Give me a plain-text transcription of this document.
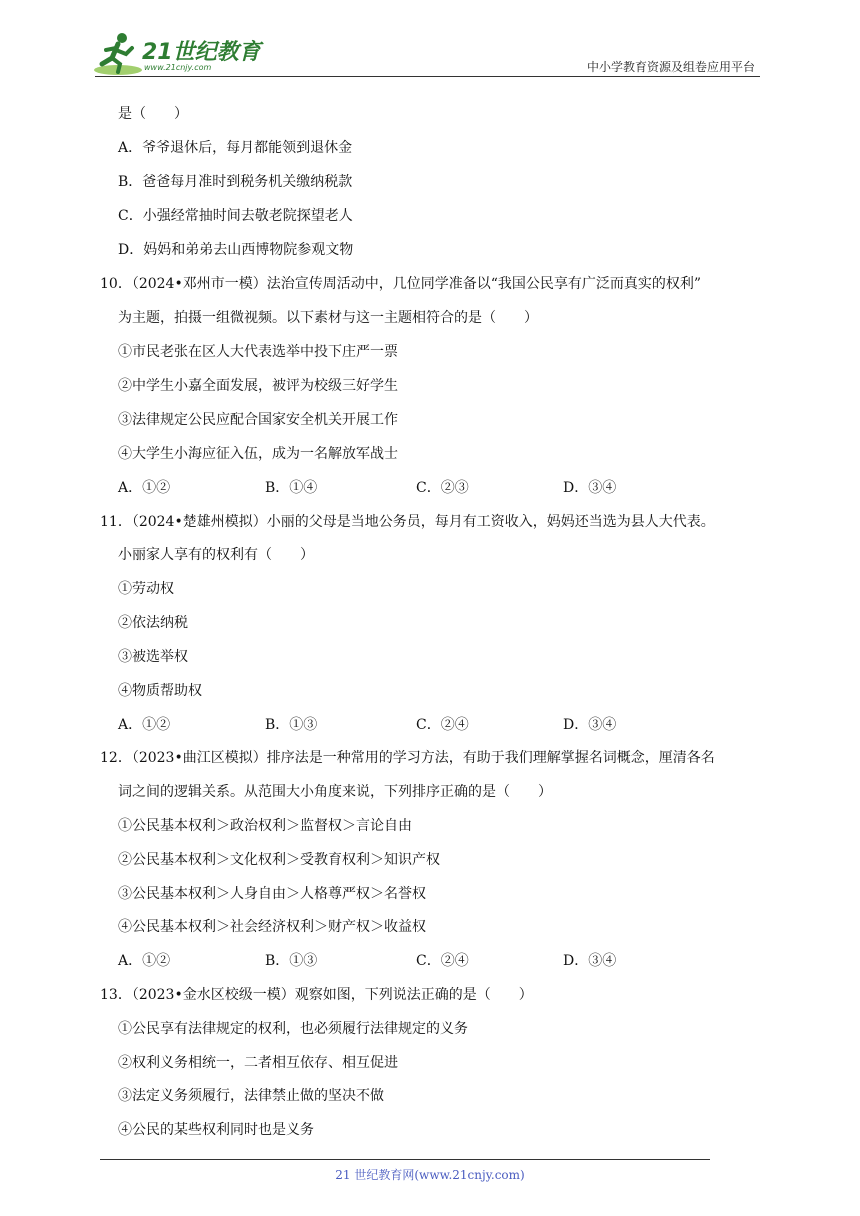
21世纪教育
www.21cnjy.com	中小学教育资源及组卷应用平台
是（　　）
A．爷爷退休后，每月都能领到退休金
B．爸爸每月准时到税务机关缴纳税款
C．小强经常抽时间去敬老院探望老人
D．妈妈和弟弟去山西博物院参观文物
10．（2024•邓州市一模）法治宣传周活动中，几位同学准备以“我国公民享有广泛而真实的权利”
为主题，拍摄一组微视频。以下素材与这一主题相符合的是（　　）
①市民老张在区人大代表选举中投下庄严一票
②中学生小嘉全面发展，被评为校级三好学生
③法律规定公民应配合国家安全机关开展工作
④大学生小海应征入伍，成为一名解放军战士
A．①②	B．①④	C．②③	D．③④
11．（2024•楚雄州模拟）小丽的父母是当地公务员，每月有工资收入，妈妈还当选为县人大代表。
小丽家人享有的权利有（　　）
①劳动权
②依法纳税
③被选举权
④物质帮助权
A．①②	B．①③	C．②④	D．③④
12．（2023•曲江区模拟）排序法是一种常用的学习方法，有助于我们理解掌握名词概念，厘清各名
词之间的逻辑关系。从范围大小角度来说，下列排序正确的是（　　）
①公民基本权利＞政治权利＞监督权＞言论自由
②公民基本权利＞文化权利＞受教育权利＞知识产权
③公民基本权利＞人身自由＞人格尊严权＞名誉权
④公民基本权利＞社会经济权利＞财产权＞收益权
A．①②	B．①③	C．②④	D．③④
13．（2023•金水区校级一模）观察如图，下列说法正确的是（　　）
①公民享有法律规定的权利，也必须履行法律规定的义务
②权利义务相统一，二者相互依存、相互促进
③法定义务须履行，法律禁止做的坚决不做
④公民的某些权利同时也是义务
21 世纪教育网(www.21cnjy.com)
